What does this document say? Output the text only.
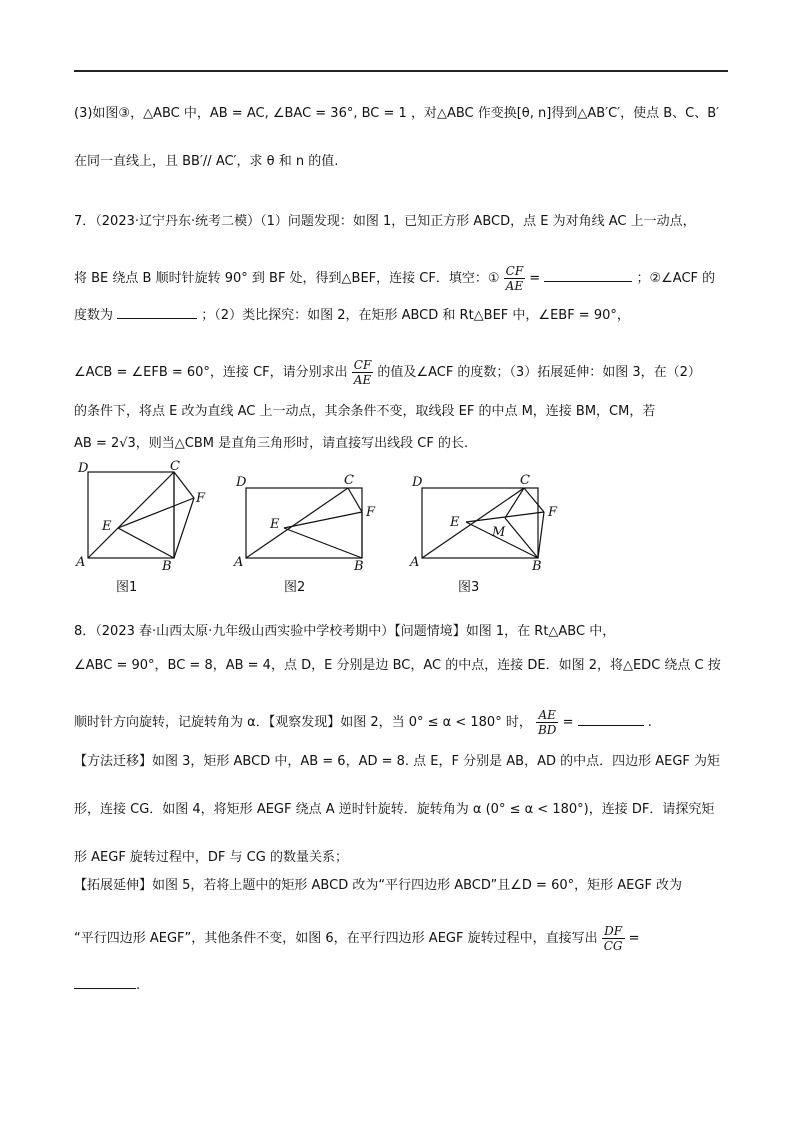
(3)如图③，△ABC 中，AB = AC, ∠BAC = 36°, BC = 1 ，对△ABC 作变换[θ, n]得到△AB′C′，使点 B、C、B′
在同一直线上，且 BB′// AC′，求 θ 和 n 的值.
7．（2023·辽宁丹东·统考二模）（1）问题发现：如图 1，已知正方形 ABCD，点 E 为对角线 AC 上一动点，
将 BE 绕点 B 顺时针旋转 90° 到 BF 处，得到△BEF，连接 CF．填空：① $\frac{CF}{AE}$ =	；②∠ACF 的
度数为	；（2）类比探究：如图 2，在矩形 ABCD 和 Rt△BEF 中，∠EBF = 90°，
∠ACB = ∠EFB = 60°，连接 CF，请分别求出 $\frac{CF}{AE}$ 的值及∠ACF 的度数；（3）拓展延伸：如图 3，在（2）
的条件下，将点 E 改为直线 AC 上一动点，其余条件不变，取线段 EF 的中点 M，连接 BM，CM，若
AB = 2√3，则当△CBM 是直角三角形时，请直接写出线段 CF 的长.
D	C
F
E
A	B
D	C
F
E
A	B
D	C
F
E
M
A	B
图1	图2	图3
8．（2023 春·山西太原·九年级山西实验中学校考期中）【问题情境】如图 1，在 Rt△ABC 中，
∠ABC = 90°，BC = 8，AB = 4，点 D，E 分别是边 BC，AC 的中点，连接 DE．如图 2，将△EDC 绕点 C 按
顺时针方向旋转，记旋转角为 α．【观察发现】如图 2，当 0° ≤ α < 180° 时， $\frac{AE}{BD}$ =	.
【方法迁移】如图 3，矩形 ABCD 中，AB = 6，AD = 8. 点 E，F 分别是 AB，AD 的中点．四边形 AEGF 为矩
形，连接 CG．如图 4，将矩形 AEGF 绕点 A 逆时针旋转．旋转角为 α (0° ≤ α < 180°)，连接 DF．请探究矩
形 AEGF 旋转过程中，DF 与 CG 的数量关系；
【拓展延伸】如图 5，若将上题中的矩形 ABCD 改为“平行四边形 ABCD”且∠D = 60°，矩形 AEGF 改为
“平行四边形 AEGF”，其他条件不变，如图 6，在平行四边形 AEGF 旋转过程中，直接写出 $\frac{DF}{CG}$ =
.
